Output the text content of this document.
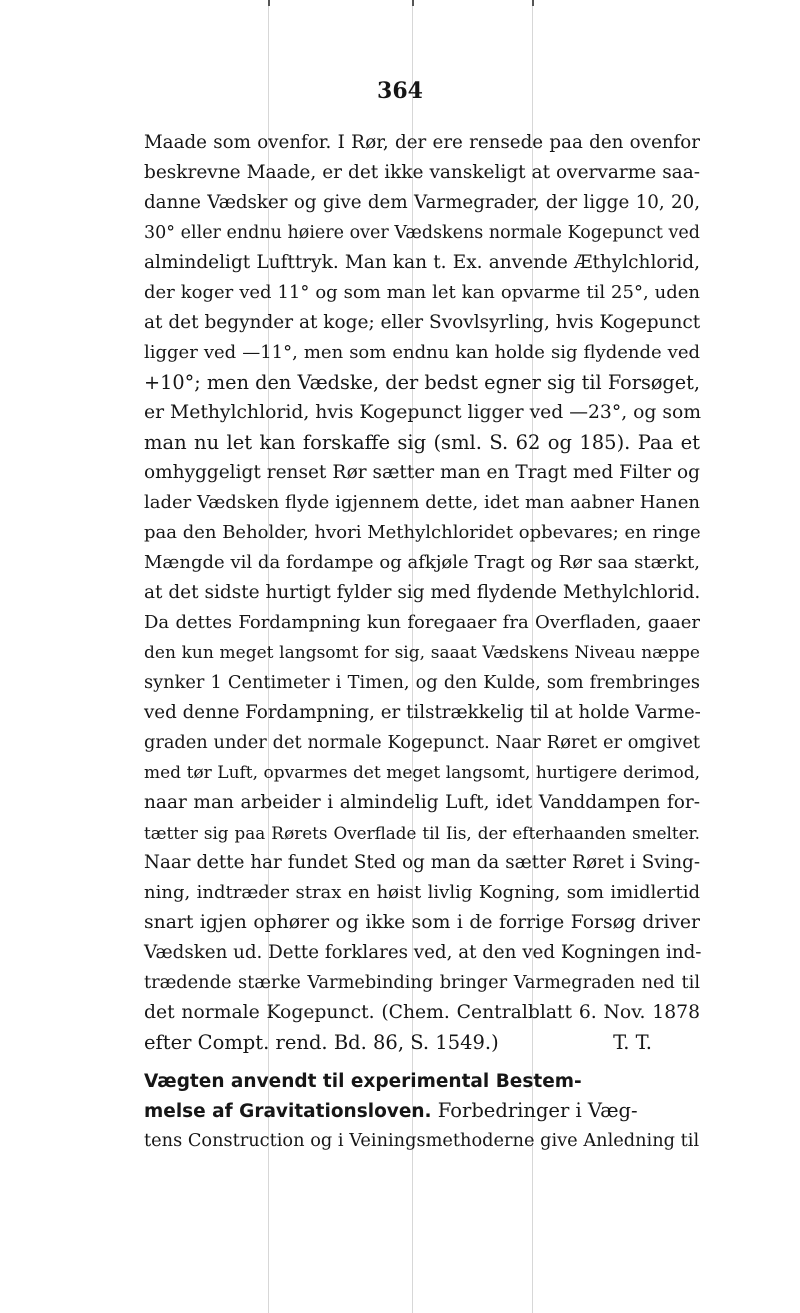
364
Maade som ovenfor. I Rør, der ere rensede paa den ovenfor
beskrevne Maade, er det ikke vanskeligt at overvarme saa-
danne Vædsker og give dem Varmegrader, der ligge 10, 20,
30° eller endnu høiere over Vædskens normale Kogepunct ved
almindeligt Lufttryk. Man kan t. Ex. anvende Æthylchlorid,
der koger ved 11° og som man let kan opvarme til 25°, uden
at det begynder at koge; eller Svovlsyrling, hvis Kogepunct
ligger ved —11°, men som endnu kan holde sig flydende ved
+10°; men den Vædske, der bedst egner sig til Forsøget,
er Methylchlorid, hvis Kogepunct ligger ved —23°, og som
man nu let kan forskaffe sig (sml. S. 62 og 185). Paa et
omhyggeligt renset Rør sætter man en Tragt med Filter og
lader Vædsken flyde igjennem dette, idet man aabner Hanen
paa den Beholder, hvori Methylchloridet opbevares; en ringe
Mængde vil da fordampe og afkjøle Tragt og Rør saa stærkt,
at det sidste hurtigt fylder sig med flydende Methylchlorid.
Da dettes Fordampning kun foregaaer fra Overfladen, gaaer
den kun meget langsomt for sig, saaat Vædskens Niveau næppe
synker 1 Centimeter i Timen, og den Kulde, som frembringes
ved denne Fordampning, er tilstrækkelig til at holde Varme-
graden under det normale Kogepunct. Naar Røret er omgivet
med tør Luft, opvarmes det meget langsomt, hurtigere derimod,
naar man arbeider i almindelig Luft, idet Vanddampen for-
tætter sig paa Rørets Overflade til Iis, der efterhaanden smelter.
Naar dette har fundet Sted og man da sætter Røret i Sving-
ning, indtræder strax en høist livlig Kogning, som imidlertid
snart igjen ophører og ikke som i de forrige Forsøg driver
Vædsken ud. Dette forklares ved, at den ved Kogningen ind-
trædende stærke Varmebinding bringer Varmegraden ned til
det normale Kogepunct. (Chem. Centralblatt 6. Nov. 1878
efter Compt. rend. Bd. 86, S. 1549.)	T. T.
Vægten anvendt til experimental Bestem-
melse af Gravitationsloven. Forbedringer i Væg-
tens Construction og i Veiningsmethoderne give Anledning til
